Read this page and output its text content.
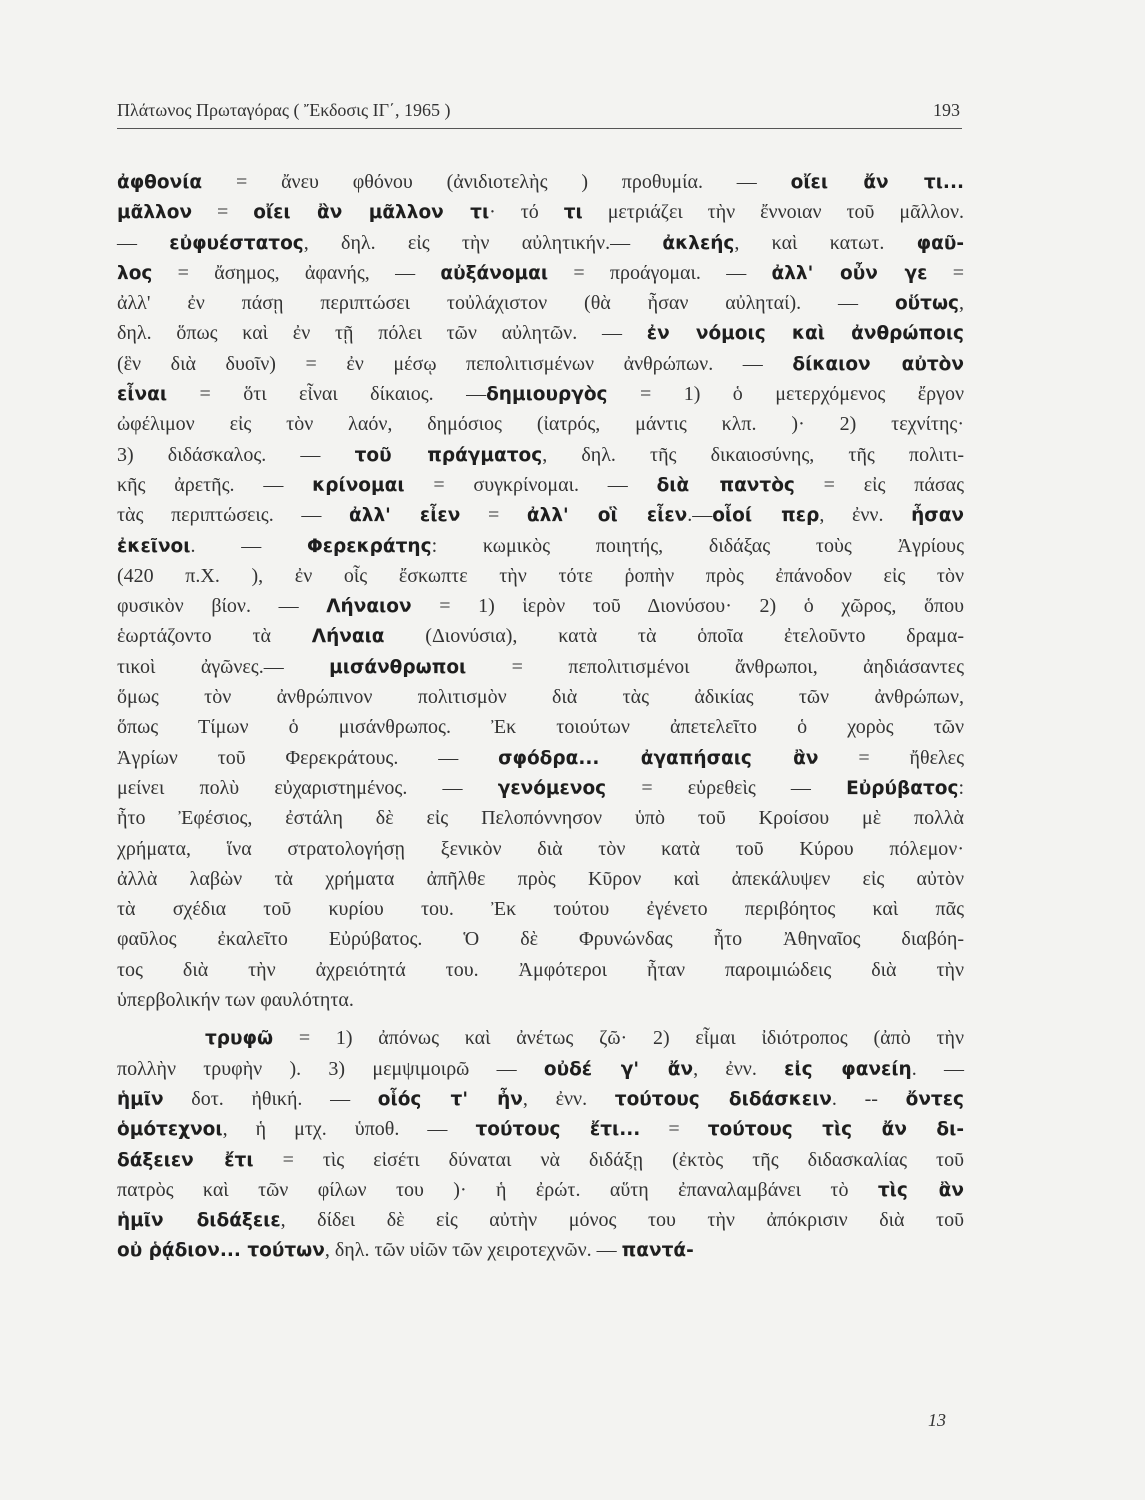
Πλάτωνος Πρωταγόρας ( Ἔκδοσις ΙΓ΄, 1965 )	193
ἀφθονία = ἄνευ φθόνου (ἀνιδιοτελὴς ) προθυμία. — οἴει ἄν τι...
μᾶλλον = οἴει ἂν μᾶλλον τι· τό τι μετριάζει τὴν ἔννοιαν τοῦ μᾶλλον.
— εὐφυέστατος, δηλ. εἰς τὴν αὐλητικήν.— ἀκλεής, καὶ κατωτ. φαῦ-
λος = ἄσημος, ἀφανής, — αὐξάνομαι = προάγομαι. — ἀλλ' οὖν γε =
ἀλλ' ἐν πάσῃ περιπτώσει τοὐλάχιστον (θὰ ἦσαν αὐληταί). — οὕτως,
δηλ. ὅπως καὶ ἐν τῇ πόλει τῶν αὐλητῶν. — ἐν νόμοις καὶ ἀνθρώποις
(ἓν διὰ δυοῖν) = ἐν μέσῳ πεπολιτισμένων ἀνθρώπων. — δίκαιον αὐτὸν
εἶναι = ὅτι εἶναι δίκαιος. —δημιουργὸς = 1) ὁ μετερχόμενος ἔργον
ὠφέλιμον εἰς τὸν λαόν, δημόσιος (ἰατρός, μάντις κλπ. )· 2) τεχνίτης·
3) διδάσκαλος. — τοῦ πράγματος, δηλ. τῆς δικαιοσύνης, τῆς πολιτι-
κῆς ἀρετῆς. — κρίνομαι = συγκρίνομαι. — διὰ παντὸς = εἰς πάσας
τὰς περιπτώσεις. — ἀλλ' εἶεν = ἀλλ' οἳ εἶεν.—οἷοί περ, ἐνν. ἦσαν
ἐκεῖνοι. — Φερεκράτης: κωμικὸς ποιητής, διδάξας τοὺς Ἀγρίους
(420 π.Χ. ), ἐν οἷς ἔσκωπτε τὴν τότε ῥοπὴν πρὸς ἐπάνοδον εἰς τὸν
φυσικὸν βίον. — Λήναιον = 1) ἱερὸν τοῦ Διονύσου· 2) ὁ χῶρος, ὅπου
ἑωρτάζοντο τὰ Λήναια (Διονύσια), κατὰ τὰ ὁποῖα ἐτελοῦντο δραμα-
τικοὶ ἀγῶνες.— μισάνθρωποι = πεπολιτισμένοι ἄνθρωποι, ἀηδιάσαντες
ὅμως τὸν ἀνθρώπινον πολιτισμὸν διὰ τὰς ἀδικίας τῶν ἀνθρώπων,
ὅπως Τίμων ὁ μισάνθρωπος. Ἐκ τοιούτων ἀπετελεῖτο ὁ χορὸς τῶν
Ἀγρίων τοῦ Φερεκράτους. — σφόδρα... ἀγαπήσαις ἂν = ἤθελες
μείνει πολὺ εὐχαριστημένος. — γενόμενος = εὑρεθεὶς — Εὐρύβατος:
ἦτο Ἐφέσιος, ἐστάλη δὲ εἰς Πελοπόννησον ὑπὸ τοῦ Κροίσου μὲ πολλὰ
χρήματα, ἵνα στρατολογήσῃ ξενικὸν διὰ τὸν κατὰ τοῦ Κύρου πόλεμον·
ἀλλὰ λαβὼν τὰ χρήματα ἀπῆλθε πρὸς Κῦρον καὶ ἀπεκάλυψεν εἰς αὐτὸν
τὰ σχέδια τοῦ κυρίου του. Ἐκ τούτου ἐγένετο περιβόητος καὶ πᾶς
φαῦλος ἐκαλεῖτο Εὐρύβατος. Ὁ δὲ Φρυνώνδας ἦτο Ἀθηναῖος διαβόη-
τος διὰ τὴν ἀχρειότητά του. Ἀμφότεροι ἦταν παροιμιώδεις διὰ τὴν
ὑπερβολικήν των φαυλότητα.
τρυφῶ = 1) ἀπόνως καὶ ἀνέτως ζῶ· 2) εἶμαι ἰδιότροπος (ἀπὸ τὴν
πολλὴν τρυφὴν ). 3) μεμψιμοιρῶ — οὐδέ γ' ἄν, ἐνν. εἰς φανείη. —
ἡμῖν δοτ. ἠθική. — οἷός τ' ἦν, ἐνν. τούτους διδάσκειν. -- ὄντες
ὁμότεχνοι, ἡ μτχ. ὑποθ. — τούτους ἔτι... = τούτους τὶς ἄν δι-
δάξειεν ἔτι = τὶς εἰσέτι δύναται νὰ διδάξῃ (ἐκτὸς τῆς διδασκαλίας τοῦ
πατρὸς καὶ τῶν φίλων του )· ἡ ἐρώτ. αὕτη ἐπαναλαμβάνει τὸ τὶς ἂν
ἡμῖν διδάξειε, δίδει δὲ εἰς αὐτὴν μόνος του τὴν ἀπόκρισιν διὰ τοῦ
οὐ ῥᾴδιον... τούτων, δηλ. τῶν υἱῶν τῶν χειροτεχνῶν. — παντά-
13
